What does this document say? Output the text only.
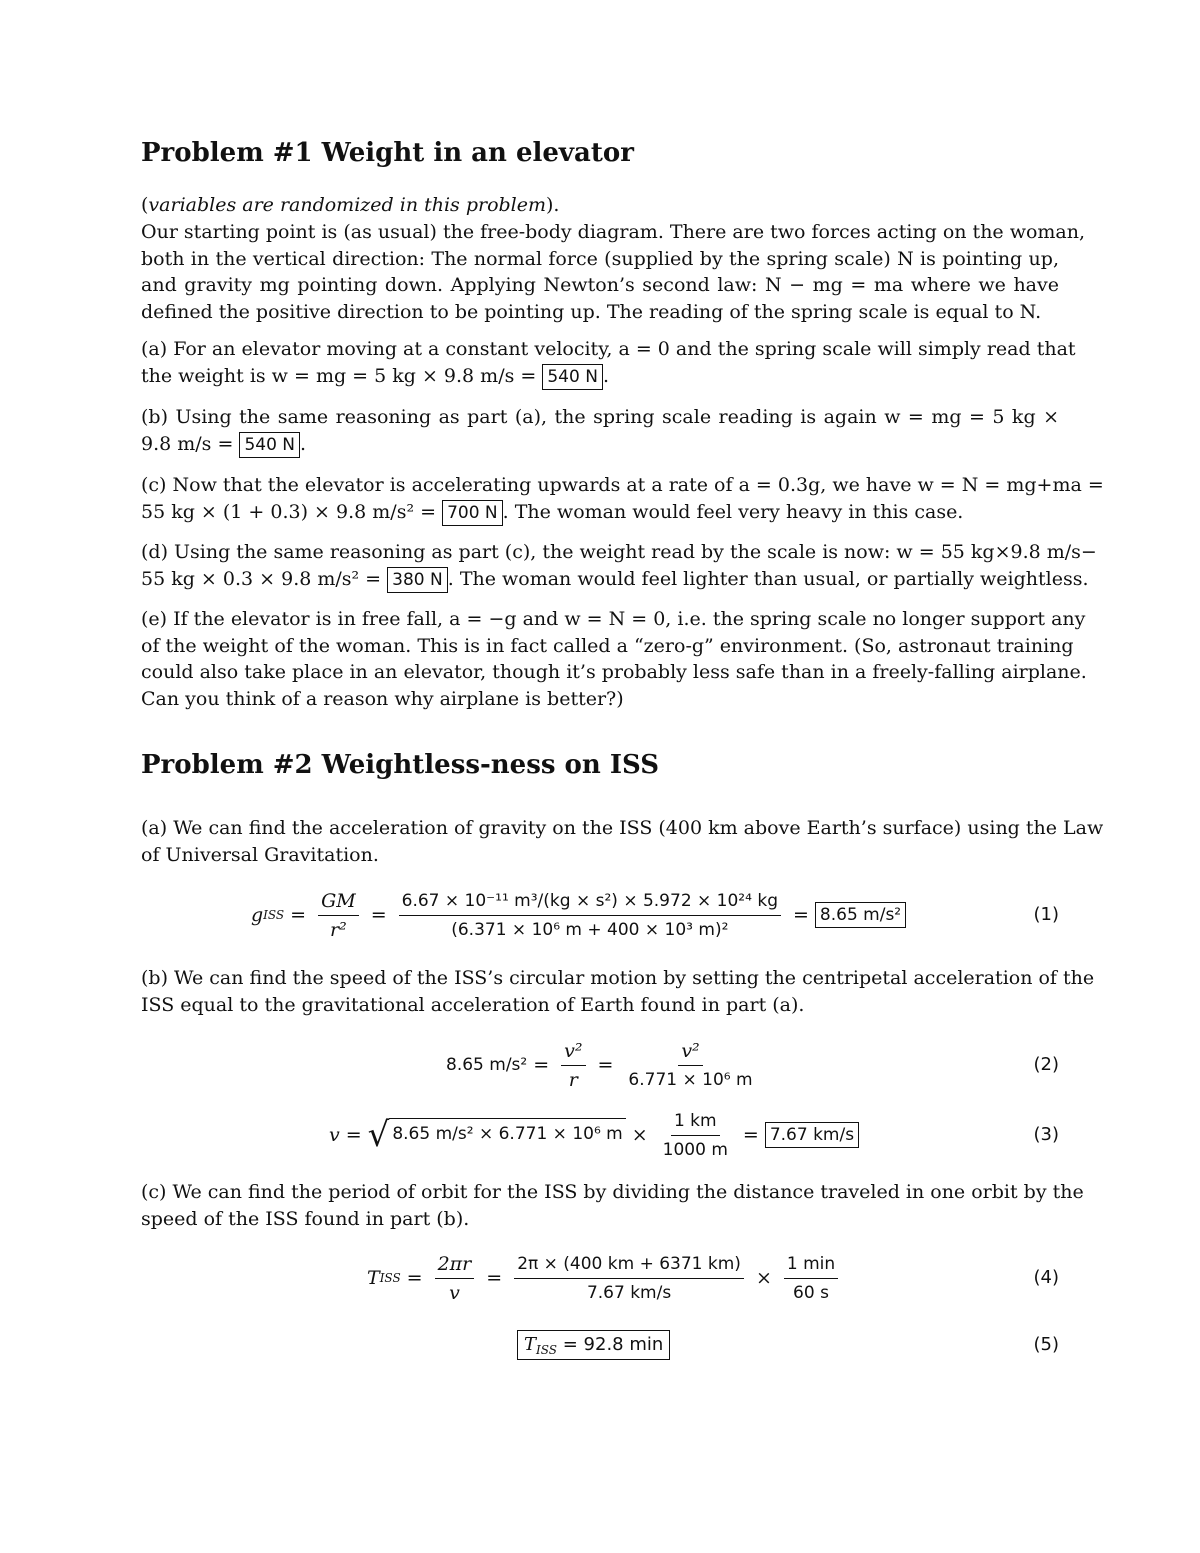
Problem #1 Weight in an elevator
(variables are randomized in this problem).
Our starting point is (as usual) the free-body diagram. There are two forces acting on the woman,
both in the vertical direction: The normal force (supplied by the spring scale) N is pointing up,
and gravity mg pointing down. Applying Newton’s second law: N − mg = ma where we have
defined the positive direction to be pointing up. The reading of the spring scale is equal to N.
(a) For an elevator moving at a constant velocity, a = 0 and the spring scale will simply read that
the weight is w = mg = 5 kg × 9.8 m/s = 540 N .
(b) Using the same reasoning as part (a), the spring scale reading is again w = mg = 5 kg ×
9.8 m/s = 540 N .
(c) Now that the elevator is accelerating upwards at a rate of a = 0.3g, we have w = N = mg+ma =
55 kg × (1 + 0.3) × 9.8 m/s² = 700 N . The woman would feel very heavy in this case.
(d) Using the same reasoning as part (c), the weight read by the scale is now: w = 55 kg×9.8 m/s−
55 kg × 0.3 × 9.8 m/s² = 380 N . The woman would feel lighter than usual, or partially weightless.
(e) If the elevator is in free fall, a = −g and w = N = 0, i.e. the spring scale no longer support any
of the weight of the woman. This is in fact called a “zero-g” environment. (So, astronaut training
could also take place in an elevator, though it’s probably less safe than in a freely-falling airplane.
Can you think of a reason why airplane is better?)
Problem #2 Weightless-ness on ISS
(a) We can find the acceleration of gravity on the ISS (400 km above Earth’s surface) using the Law
of Universal Gravitation.
g ISS = $\frac{GM}{\text{r²}} = \frac{\text{6.67 × 10⁻¹¹ m³/(kg × s²) × 5.972 × 10²⁴ kg}}{\text{(6.371 × 10⁶ m + 400 × 10³ m)²}} = 8.65$ m/s²	(1)
(b) We can find the speed of the ISS’s circular motion by setting the centripetal acceleration of the
ISS equal to the gravitational acceleration of Earth found in part (a).
8.65 $m/s^2 = \frac{\text{v²}}{r} = \frac{\text{v²}}{\text{6.771 × 10⁶ m}}$	(2)
v = √ 8.65 m/s² × 6.771 × 10⁶ $m \times \frac{1 km}{1000 m} = 7.67$ km/s	(3)
(c) We can find the period of orbit for the ISS by dividing the distance traveled in one orbit by the
speed of the ISS found in part (b).
T ISS = $\frac{2\pi r}{v} = \frac{2\pi \times (400 km + 6371 km)}{7.67 km/s} \times \frac{1 \min}{60 s}$	(4)
$T_{ISS} = 92.8$ min	(5)
